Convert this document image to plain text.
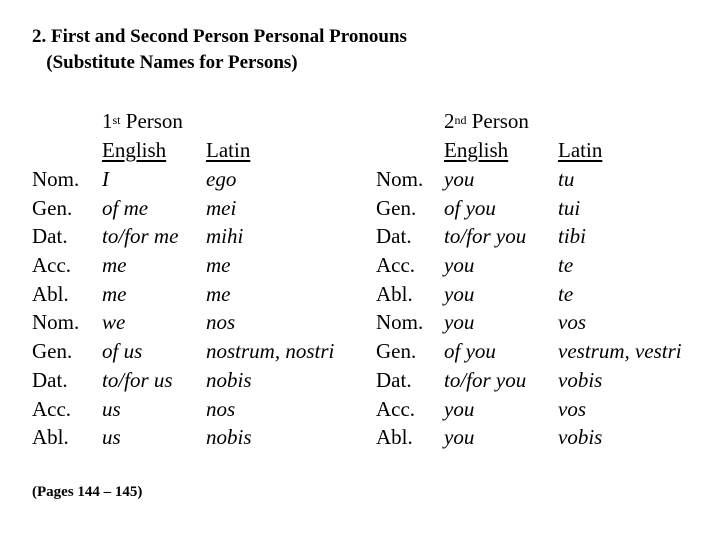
2. First and Second Person Personal Pronouns
(Substitute Names for Persons)
1st Person
English Latin
Nom.
Gen.
Dat.
Acc.
Abl.
Nom.
Gen.
Dat.
Acc.
Abl.
I
of me
to/for me
me
me
we
of us
to/for us
us
us
ego
mei
mihi
me
me
nos
nostrum, nostri
nobis
nos
nobis
2nd Person
English Latin
Nom.
Gen.
Dat.
Acc.
Abl.
Nom.
Gen.
Dat.
Acc.
Abl.
you
of you
to/for you
you
you
you
of you
to/for you
you
you
tu
tui
tibi
te
te
vos
vestrum, vestri
vobis
vos
vobis
(Pages 144 – 145)
